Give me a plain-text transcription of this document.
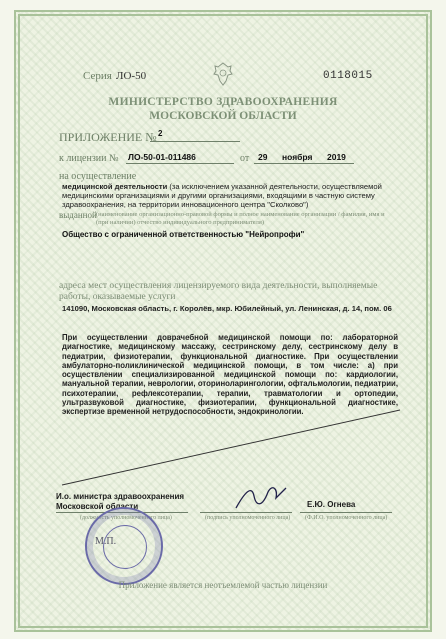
Серия ЛО-50	0118015
МИНИСТЕРСТВО ЗДРАВООХРАНЕНИЯ
МОСКОВСКОЙ ОБЛАСТИ
ПРИЛОЖЕНИЕ № 2
к лицензии № ЛО-50-01-011486	от 29 ноября 2019
на осуществление
медицинской деятельности (за исключением указанной деятельности, осуществляемой медицинскими организациями и другими организациями, входящими в частную систему здравоохранения, на территории инновационного центра "Сколково")
выданной (наименование организационно-правовой формы и полное наименование организации / фамилия, имя и (при наличии) отчество индивидуального предпринимателя)
Общество с ограниченной ответственностью "Нейропрофи"
адреса мест осуществления лицензируемого вида деятельности, выполняемые работы, оказываемые услуги
141090, Московская область, г. Королёв, мкр. Юбилейный, ул. Ленинская, д. 14, пом. 06
При осуществлении доврачебной медицинской помощи по: лабораторной диагностике, медицинскому массажу, сестринскому делу, сестринскому делу в педиатрии, физиотерапии, функциональной диагностике. При осуществлении амбулаторно-поликлинической медицинской помощи, в том числе: а) при осуществлении специализированной медицинской помощи по: кардиологии, мануальной терапии, неврологии, оториноларингологии, офтальмологии, педиатрии, психотерапии, рефлексотерапии, терапии, травматологии и ортопедии, ультразвуковой диагностике, физиотерапии, функциональной диагностике, экспертизе временной нетрудоспособности, эндокринологии.
И.о. министра здравоохранения
Московской области
(должность уполномоченного лица)	(подпись уполномоченного лица)
Е.Ю. Огнева
(Ф.И.О. уполномоченного лица)
М.П.
Приложение является неотъемлемой частью лицензии
